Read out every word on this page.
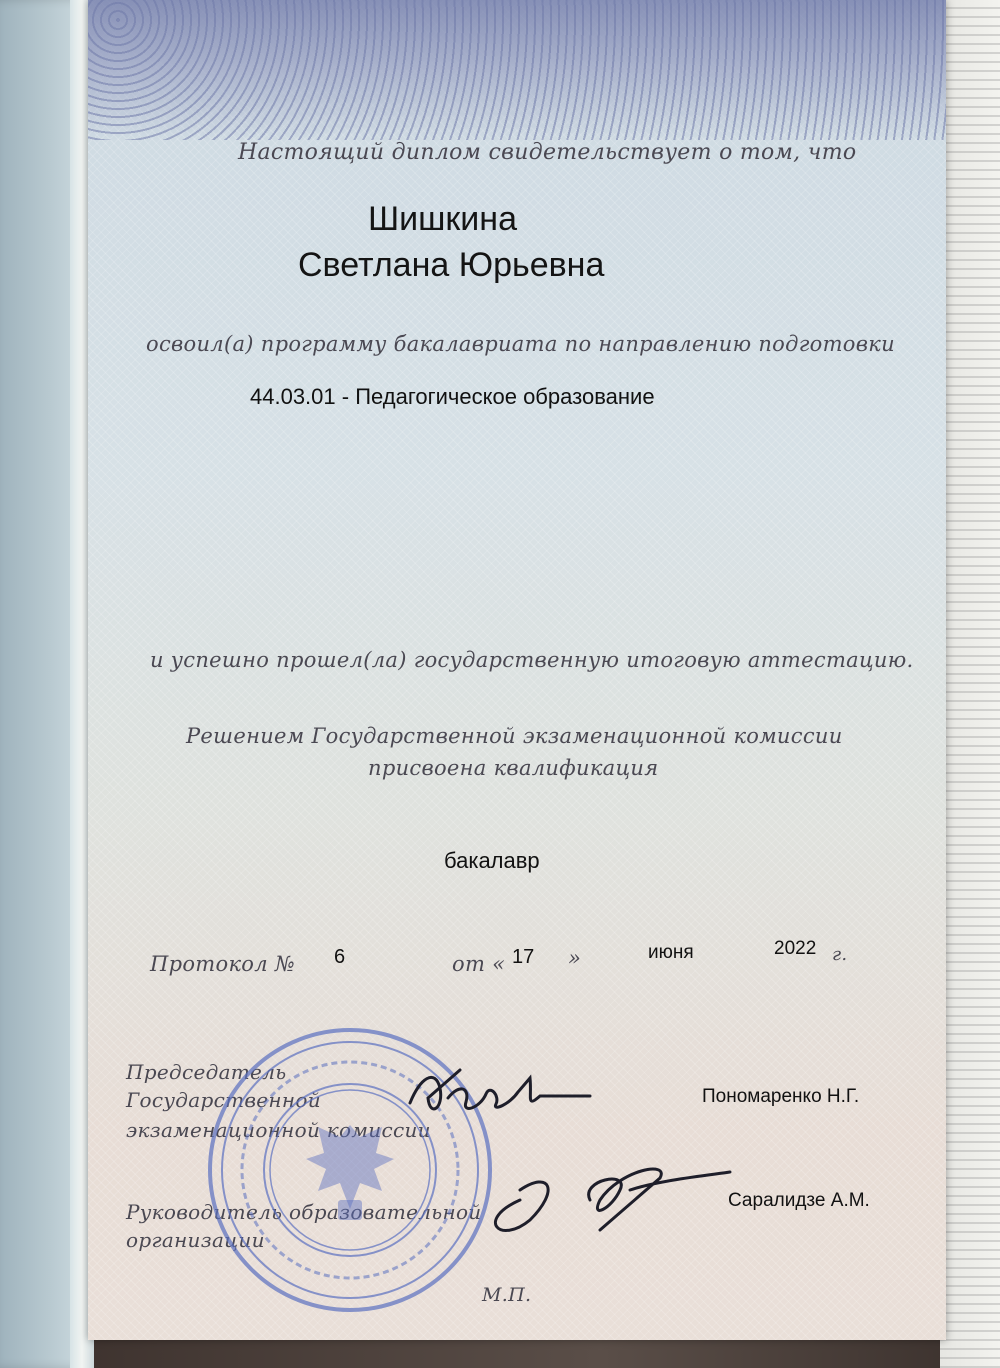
Настоящий диплом свидетельствует о том, что
Шишкина
Светлана Юрьевна
освоил(а) программу бакалавриата по направлению подготовки
44.03.01 - Педагогическое образование
и успешно прошел(ла) государственную итоговую аттестацию.
Решением Государственной экзаменационной комиссии
присвоена квалификация
бакалавр
Протокол № 6	от « 17 »	июня	2022 г.
Председатель
Государственной
экзаменационной комиссии
Пономаренко Н.Г.
Руководитель образовательной
организации
Саралидзе А.М.
М.П.
